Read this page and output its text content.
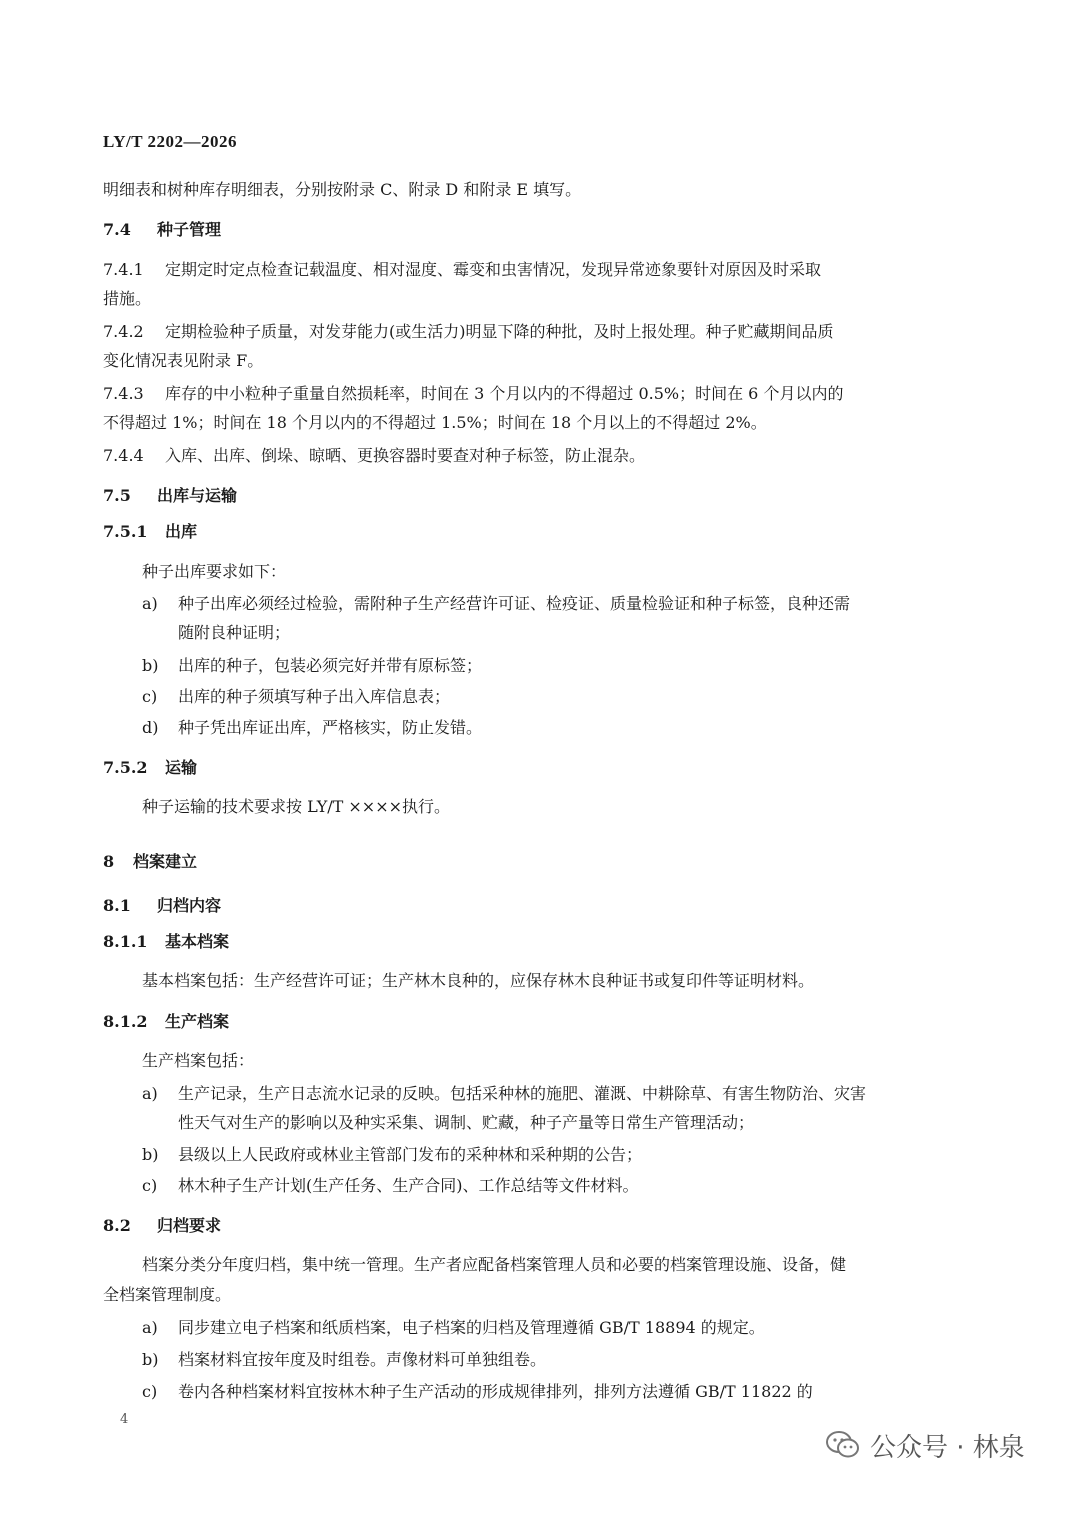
LY/T 2202—2026
明细表和树种库存明细表，分别按附录 C、附录 D 和附录 E 填写。
7.4 种子管理
7.4.1 定期定时定点检查记载温度、相对湿度、霉变和虫害情况，发现异常迹象要针对原因及时采取
措施。
7.4.2 定期检验种子质量，对发芽能力(或生活力)明显下降的种批，及时上报处理。种子贮藏期间品质
变化情况表见附录 F。
7.4.3 库存的中小粒种子重量自然损耗率，时间在 3 个月以内的不得超过 0.5%；时间在 6 个月以内的
不得超过 1%；时间在 18 个月以内的不得超过 1.5%；时间在 18 个月以上的不得超过 2%。
7.4.4 入库、出库、倒垛、晾晒、更换容器时要查对种子标签，防止混杂。
7.5 出库与运输
7.5.1 出库
种子出库要求如下：
a) 种子出库必须经过检验，需附种子生产经营许可证、检疫证、质量检验证和种子标签，良种还需
随附良种证明；
b) 出库的种子，包装必须完好并带有原标签；
c) 出库的种子须填写种子出入库信息表；
d) 种子凭出库证出库，严格核实，防止发错。
7.5.2 运输
种子运输的技术要求按 LY/T ××××执行。
8 档案建立
8.1 归档内容
8.1.1 基本档案
基本档案包括：生产经营许可证；生产林木良种的，应保存林木良种证书或复印件等证明材料。
8.1.2 生产档案
生产档案包括：
a) 生产记录，生产日志流水记录的反映。包括采种林的施肥、灌溉、中耕除草、有害生物防治、灾害
性天气对生产的影响以及种实采集、调制、贮藏，种子产量等日常生产管理活动；
b) 县级以上人民政府或林业主管部门发布的采种林和采种期的公告；
c) 林木种子生产计划(生产任务、生产合同)、工作总结等文件材料。
8.2 归档要求
档案分类分年度归档，集中统一管理。生产者应配备档案管理人员和必要的档案管理设施、设备，健
全档案管理制度。
a) 同步建立电子档案和纸质档案，电子档案的归档及管理遵循 GB/T 18894 的规定。
b) 档案材料宜按年度及时组卷。声像材料可单独组卷。
c) 卷内各种档案材料宜按林木种子生产活动的形成规律排列，排列方法遵循 GB/T 11822 的
4
公众号 · 林泉
